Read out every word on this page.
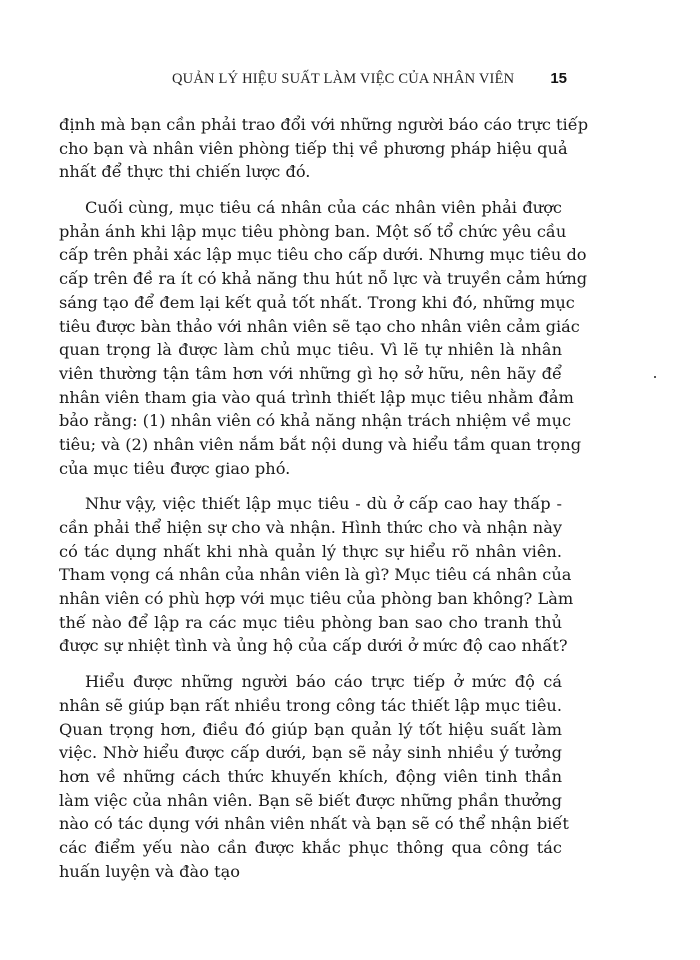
QUẢN LÝ HIỆU SUẤT LÀM VIỆC CỦA NHÂN VIÊN 15
định mà bạn cần phải trao đổi với những người báo cáo trực tiếp
cho bạn và nhân viên phòng tiếp thị về phương pháp hiệu quả
nhất để thực thi chiến lược đó.
Cuối cùng, mục tiêu cá nhân của các nhân viên phải được
phản ánh khi lập mục tiêu phòng ban. Một số tổ chức yêu cầu
cấp trên phải xác lập mục tiêu cho cấp dưới. Nhưng mục tiêu do
cấp trên đề ra ít có khả năng thu hút nỗ lực và truyền cảm hứng
sáng tạo để đem lại kết quả tốt nhất. Trong khi đó, những mục
tiêu được bàn thảo với nhân viên sẽ tạo cho nhân viên cảm giác
quan trọng là được làm chủ mục tiêu. Vì lẽ tự nhiên là nhân
viên thường tận tâm hơn với những gì họ sở hữu, nên hãy để
nhân viên tham gia vào quá trình thiết lập mục tiêu nhằm đảm
bảo rằng: (1) nhân viên có khả năng nhận trách nhiệm về mục
tiêu; và (2) nhân viên nắm bắt nội dung và hiểu tầm quan trọng
của mục tiêu được giao phó.
Như vậy, việc thiết lập mục tiêu - dù ở cấp cao hay thấp -
cần phải thể hiện sự cho và nhận. Hình thức cho và nhận này
có tác dụng nhất khi nhà quản lý thực sự hiểu rõ nhân viên.
Tham vọng cá nhân của nhân viên là gì? Mục tiêu cá nhân của
nhân viên có phù hợp với mục tiêu của phòng ban không? Làm
thế nào để lập ra các mục tiêu phòng ban sao cho tranh thủ
được sự nhiệt tình và ủng hộ của cấp dưới ở mức độ cao nhất?
Hiểu được những người báo cáo trực tiếp ở mức độ cá
nhân sẽ giúp bạn rất nhiều trong công tác thiết lập mục tiêu.
Quan trọng hơn, điều đó giúp bạn quản lý tốt hiệu suất làm
việc. Nhờ hiểu được cấp dưới, bạn sẽ nảy sinh nhiều ý tưởng
hơn về những cách thức khuyến khích, động viên tinh thần
làm việc của nhân viên. Bạn sẽ biết được những phần thưởng
nào có tác dụng với nhân viên nhất và bạn sẽ có thể nhận biết
các điểm yếu nào cần được khắc phục thông qua công tác
huấn luyện và đào tạo
